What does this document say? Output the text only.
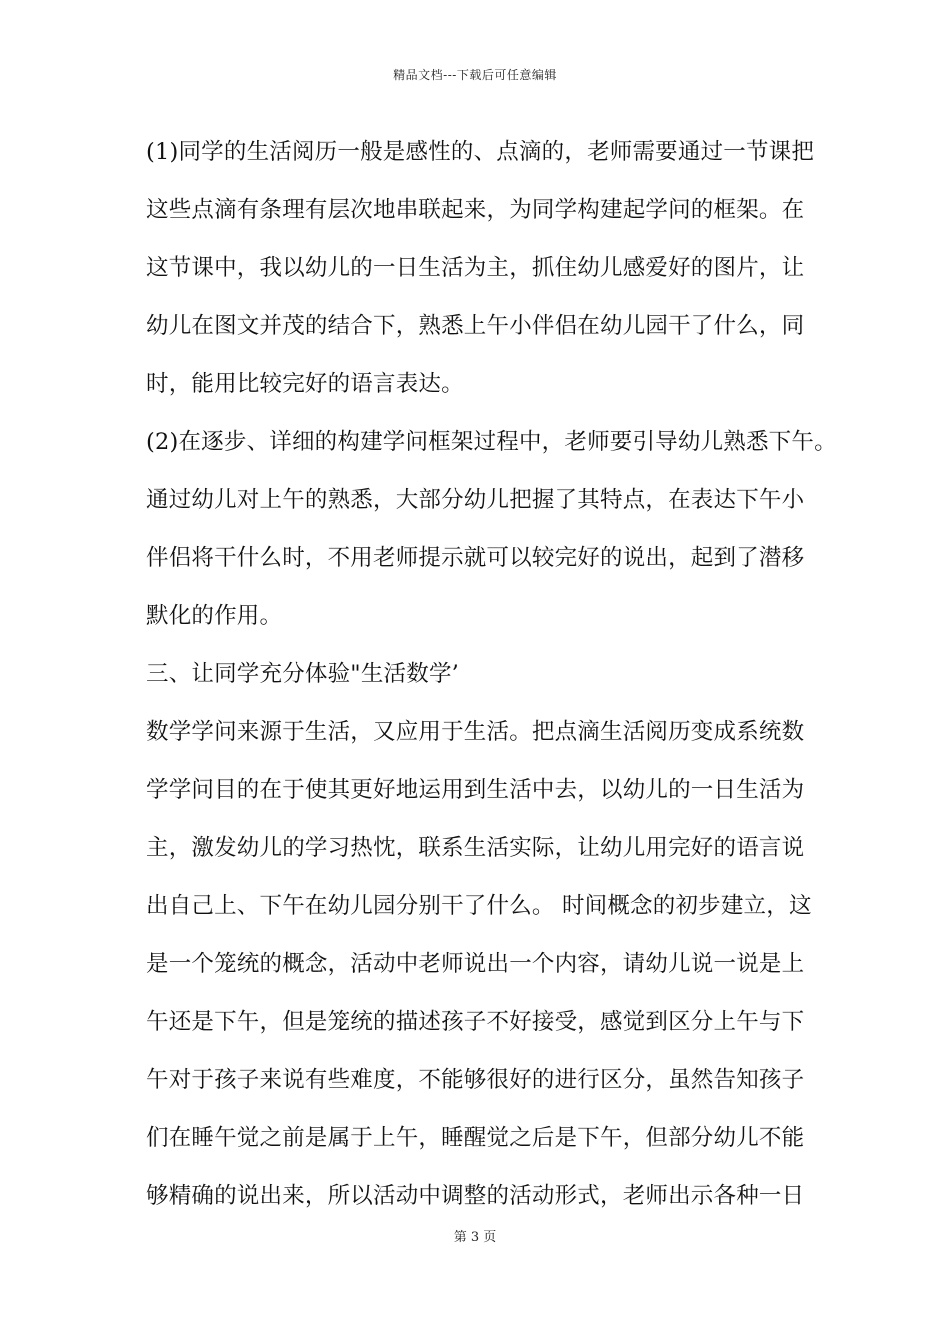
精品文档---下载后可任意编辑
(1)同学的生活阅历一般是感性的、点滴的，老师需要通过一节课把
这些点滴有条理有层次地串联起来，为同学构建起学问的框架。在
这节课中，我以幼儿的一日生活为主，抓住幼儿感爱好的图片，让
幼儿在图文并茂的结合下，熟悉上午小伴侣在幼儿园干了什么，同
时，能用比较完好的语言表达。
(2)在逐步、详细的构建学问框架过程中，老师要引导幼儿熟悉下午。
通过幼儿对上午的熟悉，大部分幼儿把握了其特点，在表达下午小
伴侣将干什么时，不用老师提示就可以较完好的说出，起到了潜移
默化的作用。
三、让同学充分体验"生活数学’
数学学问来源于生活，又应用于生活。把点滴生活阅历变成系统数
学学问目的在于使其更好地运用到生活中去，以幼儿的一日生活为
主，激发幼儿的学习热忱，联系生活实际，让幼儿用完好的语言说
出自己上、下午在幼儿园分别干了什么。 时间概念的初步建立，这
是一个笼统的概念，活动中老师说出一个内容，请幼儿说一说是上
午还是下午，但是笼统的描述孩子不好接受，感觉到区分上午与下
午对于孩子来说有些难度，不能够很好的进行区分，虽然告知孩子
们在睡午觉之前是属于上午，睡醒觉之后是下午，但部分幼儿不能
够精确的说出来，所以活动中调整的活动形式，老师出示各种一日
第 3 页
